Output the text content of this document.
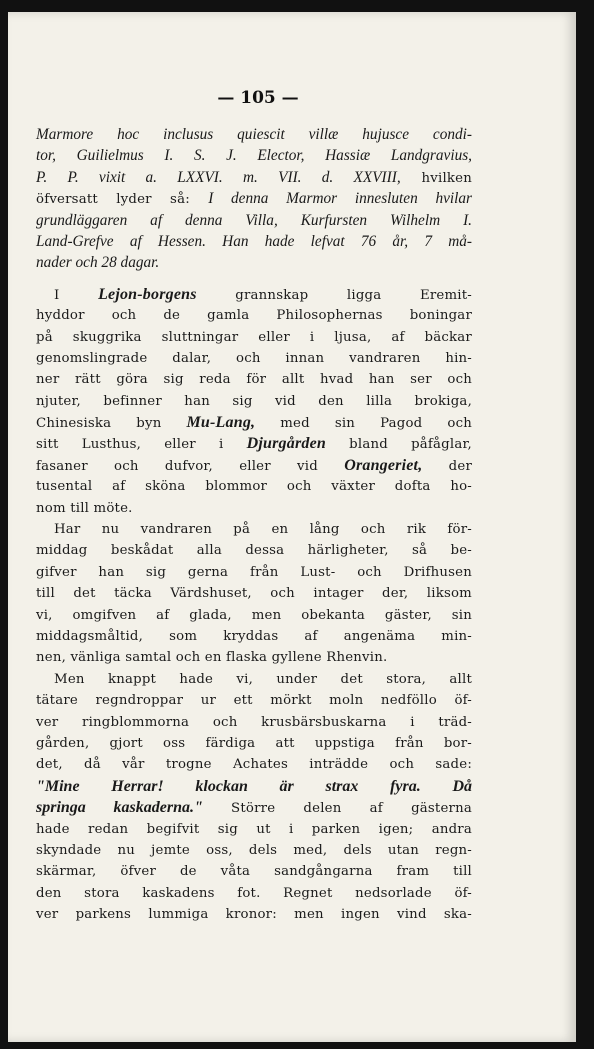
— 105 —
Marmore hoc inclusus quiescit villæ hujusce condi-
tor, Guilielmus I. S. J. Elector, Hassiæ Landgravius,
P. P. vixit a. LXXVI. m. VII. d. XXVIII, hvilken
öfversatt lyder så: I denna Marmor innesluten hvilar
grundläggaren af denna Villa, Kurfursten Wilhelm I.
Land-Grefve af Hessen. Han hade lefvat 76 år, 7 må-
nader och 28 dagar.
I Lejon-borgens grannskap ligga Eremit-
hyddor och de gamla Philosophernas boningar
på skuggrika sluttningar eller i ljusa, af bäckar
genomslingrade dalar, och innan vandraren hin-
ner rätt göra sig reda för allt hvad han ser och
njuter, befinner han sig vid den lilla brokiga,
Chinesiska byn Mu-Lang, med sin Pagod och
sitt Lusthus, eller i Djurgården bland påfåglar,
fasaner och dufvor, eller vid Orangeriet, der
tusental af sköna blommor och växter dofta ho-
nom till möte.
Har nu vandraren på en lång och rik för-
middag beskådat alla dessa härligheter, så be-
gifver han sig gerna från Lust- och Drifhusen
till det täcka Värdshuset, och intager der, liksom
vi, omgifven af glada, men obekanta gäster, sin
middagsmåltid, som kryddas af angenäma min-
nen, vänliga samtal och en flaska gyllene Rhenvin.
Men knappt hade vi, under det stora, allt
tätare regndroppar ur ett mörkt moln nedföllo öf-
ver ringblommorna och krusbärsbuskarna i träd-
gården, gjort oss färdiga att uppstiga från bor-
det, då vår trogne Achates inträdde och sade:
"Mine Herrar! klockan är strax fyra. Då
springa kaskaderna." Större delen af gästerna
hade redan begifvit sig ut i parken igen; andra
skyndade nu jemte oss, dels med, dels utan regn-
skärmar, öfver de våta sandgångarna fram till
den stora kaskadens fot. Regnet nedsorlade öf-
ver parkens lummiga kronor: men ingen vind ska-
